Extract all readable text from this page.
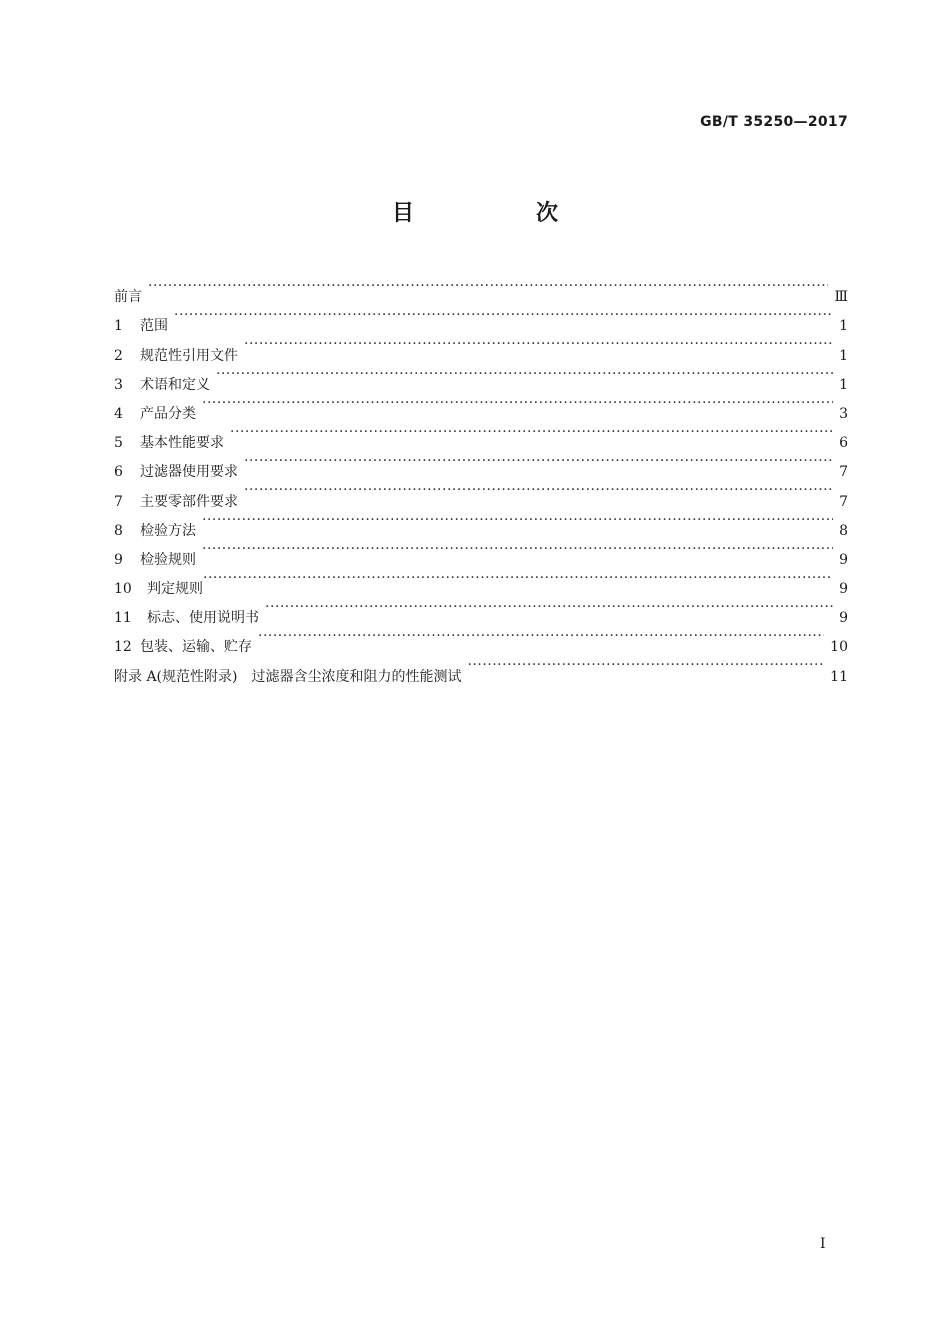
GB/T 35250—2017
目　次
前言 ·····	Ⅲ
1	范围 ·····	1
2	规范性引用文件 ·····	1
3	术语和定义 ·····	1
4	产品分类 ·····	3
5	基本性能要求 ·····	6
6	过滤器使用要求 ·····	7
7	主要零部件要求 ·····	7
8	检验方法 ·····	8
9	检验规则 ·····	9
10	判定规则 ·····	9
11	标志、使用说明书 ·····	9
12 包装、运输、贮存 ·····	10
附录 A(规范性附录)　过滤器含尘浓度和阻力的性能测试 ·····	11
I
